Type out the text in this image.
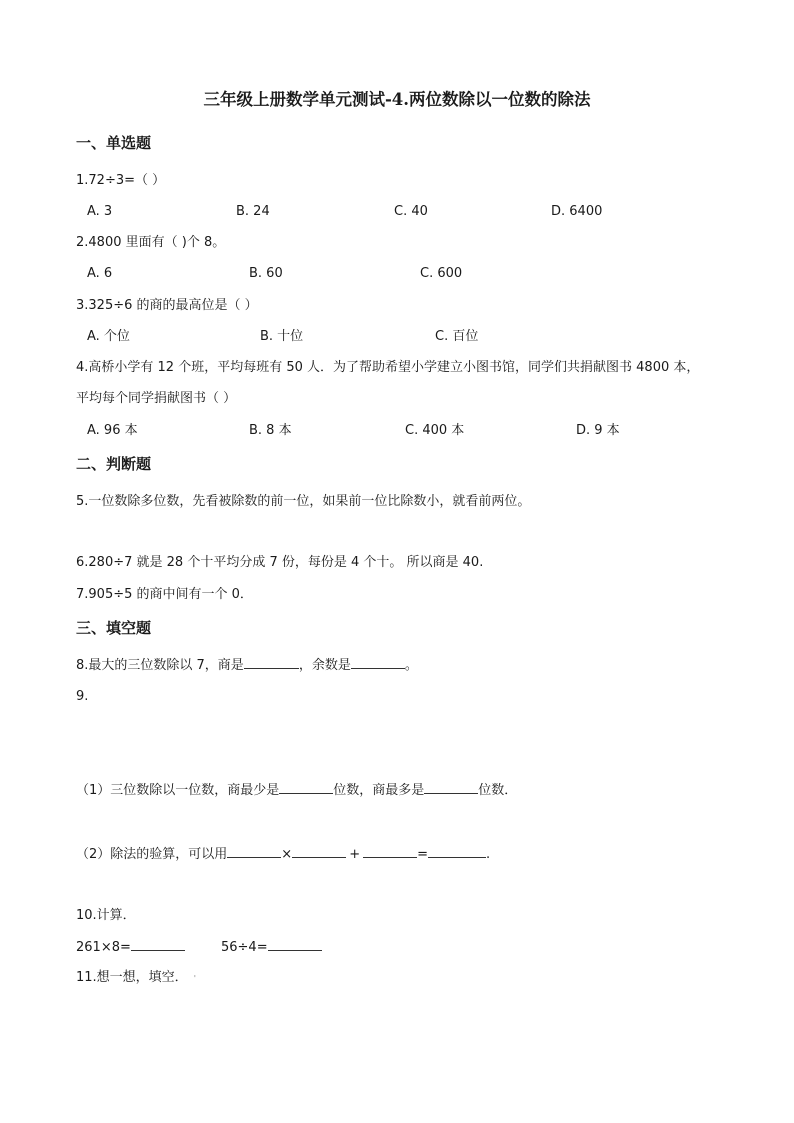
三年级上册数学单元测试-4.两位数除以一位数的除法
一、单选题
1.72÷3=（ ）
A. 3	B. 24	C. 40	D. 6400
2.4800 里面有（ )个 8。
A. 6	B. 60	C. 600
3.325÷6 的商的最高位是（ ）
A. 个位	B. 十位	C. 百位
4.高桥小学有 12 个班，平均每班有 50 人．为了帮助希望小学建立小图书馆，同学们共捐献图书 4800 本，
平均每个同学捐献图书（ ）
A. 96 本	B. 8 本	C. 400 本	D. 9 本
二、判断题
5.一位数除多位数，先看被除数的前一位，如果前一位比除数小，就看前两位。
6.280÷7 就是 28 个十平均分成 7 份，每份是 4 个十。 所以商是 40.
7.905÷5 的商中间有一个 0．
三、填空题
8.最大的三位数除以 7，商是	，余数是	。
9.
（1）三位数除以一位数，商最少是	位数，商最多是	位数．
（2）除法的验算，可以用	×	+	=	.
10.计算．
261×8=	56÷4=
11.想一想，填空． '
